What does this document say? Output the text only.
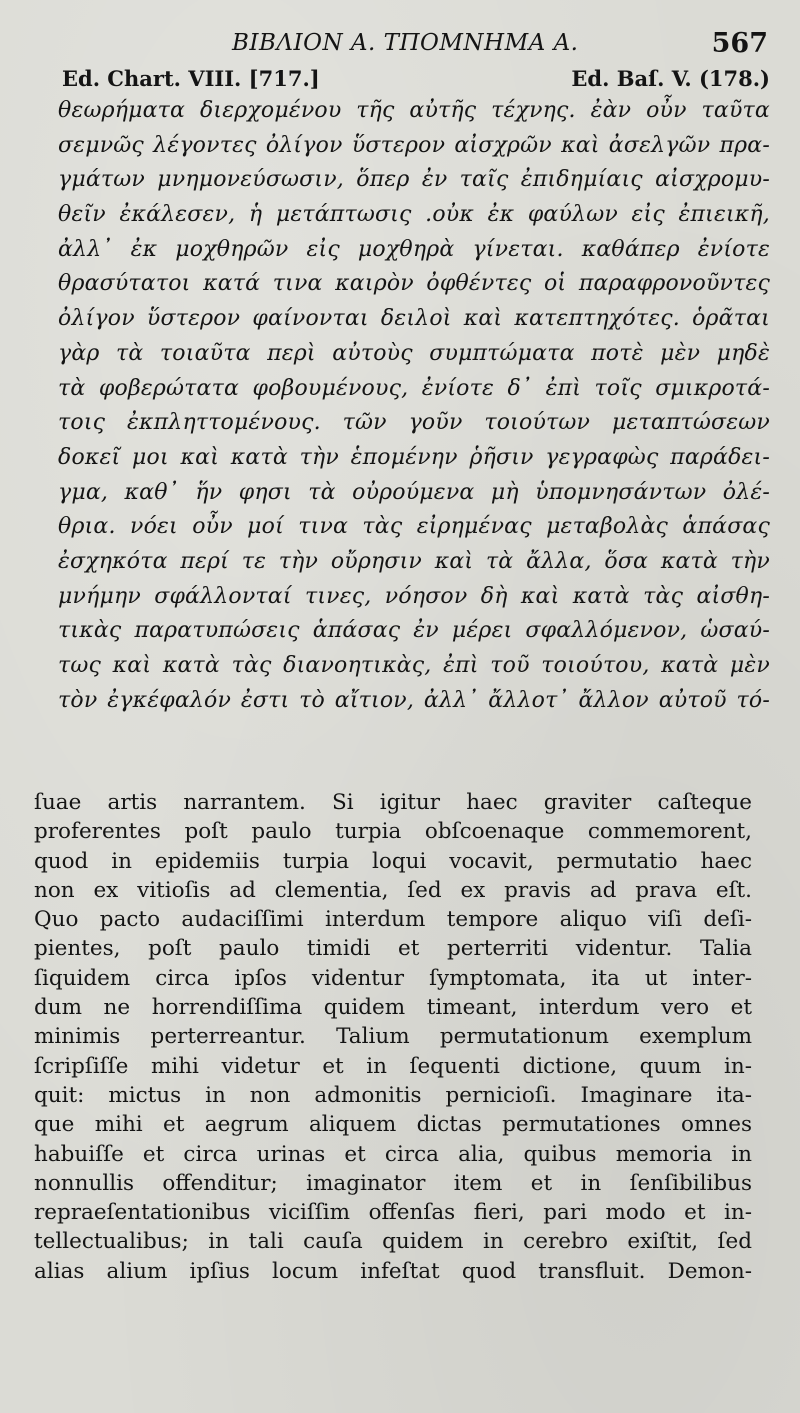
ΒΙΒΛΙΟΝ Α. ΤΠΟΜΝΗΜΑ Α.	567
Ed. Chart. VIII. [717.]	Ed. Baſ. V. (178.)
θεωρήματα διερχομένου τῆς αὐτῆς τέχνης. ἐὰν οὖν ταῦτα
σεμνῶς λέγοντες ὀλίγον ὕστερον αἰσχρῶν καὶ ἀσελγῶν πρα-
γμάτων μνημονεύσωσιν, ὅπερ ἐν ταῖς ἐπιδημίαις αἰσχρομυ-
θεῖν ἐκάλεσεν, ἡ μετάπτωσις .οὐκ ἐκ φαύλων εἰς ἐπιεικῆ,
ἀλλ᾽ ἐκ μοχθηρῶν εἰς μοχθηρὰ γίνεται. καθάπερ ἐνίοτε
θρασύτατοι κατά τινα καιρὸν ὀφθέντες οἱ παραφρονοῦντες
ὀλίγον ὕστερον φαίνονται δειλοὶ καὶ κατεπτηχότες. ὁρᾶται
γὰρ τὰ τοιαῦτα περὶ αὐτοὺς συμπτώματα ποτὲ μὲν μηδὲ
τὰ φοβερώτατα φοβουμένους, ἐνίοτε δ᾽ ἐπὶ τοῖς σμικροτά-
τοις ἐκπληττομένους. τῶν γοῦν τοιούτων μεταπτώσεων
δοκεῖ μοι καὶ κατὰ τὴν ἑπομένην ῥῆσιν γεγραφὼς παράδει-
γμα, καθ᾽ ἥν φησι τὰ οὐρούμενα μὴ ὑπομνησάντων ὀλέ-
θρια. νόει οὖν μοί τινα τὰς εἰρημένας μεταβολὰς ἁπάσας
ἐσχηκότα περί τε τὴν οὔρησιν καὶ τὰ ἄλλα, ὅσα κατὰ τὴν
μνήμην σφάλλονταί τινες, νόησον δὴ καὶ κατὰ τὰς αἰσθη-
τικὰς παρατυπώσεις ἁπάσας ἐν μέρει σφαλλόμενον, ὡσαύ-
τως καὶ κατὰ τὰς διανοητικὰς, ἐπὶ τοῦ τοιούτου, κατὰ μὲν
τὸν ἐγκέφαλόν ἐστι τὸ αἴτιον, ἀλλ᾽ ἄλλοτ᾽ ἄλλον αὐτοῦ τό-
ſuae artis narrantem. Si igitur haec graviter caſteque
proferentes poſt paulo turpia obſcoenaque commemorent,
quod in epidemiis turpia loqui vocavit, permutatio haec
non ex vitioſis ad clementia, ſed ex pravis ad prava eſt.
Quo pacto audaciſſimi interdum tempore aliquo viſi deſi-
pientes, poſt paulo timidi et perterriti videntur. Talia
ſiquidem circa ipſos videntur ſymptomata, ita ut inter-
dum ne horrendiſſima quidem timeant, interdum vero et
minimis perterreantur. Talium permutationum exemplum
ſcripſiſſe mihi videtur et in ſequenti dictione, quum in-
quit: mictus in non admonitis pernicioſi. Imaginare ita-
que mihi et aegrum aliquem dictas permutationes omnes
habuiſſe et circa urinas et circa alia, quibus memoria in
nonnullis offenditur; imaginator item et in ſenſibilibus
repraeſentationibus viciſſim offenſas fieri, pari modo et in-
tellectualibus; in tali cauſa quidem in cerebro exiſtit, ſed
alias alium ipſius locum infeſtat quod transfluit. Demon-
